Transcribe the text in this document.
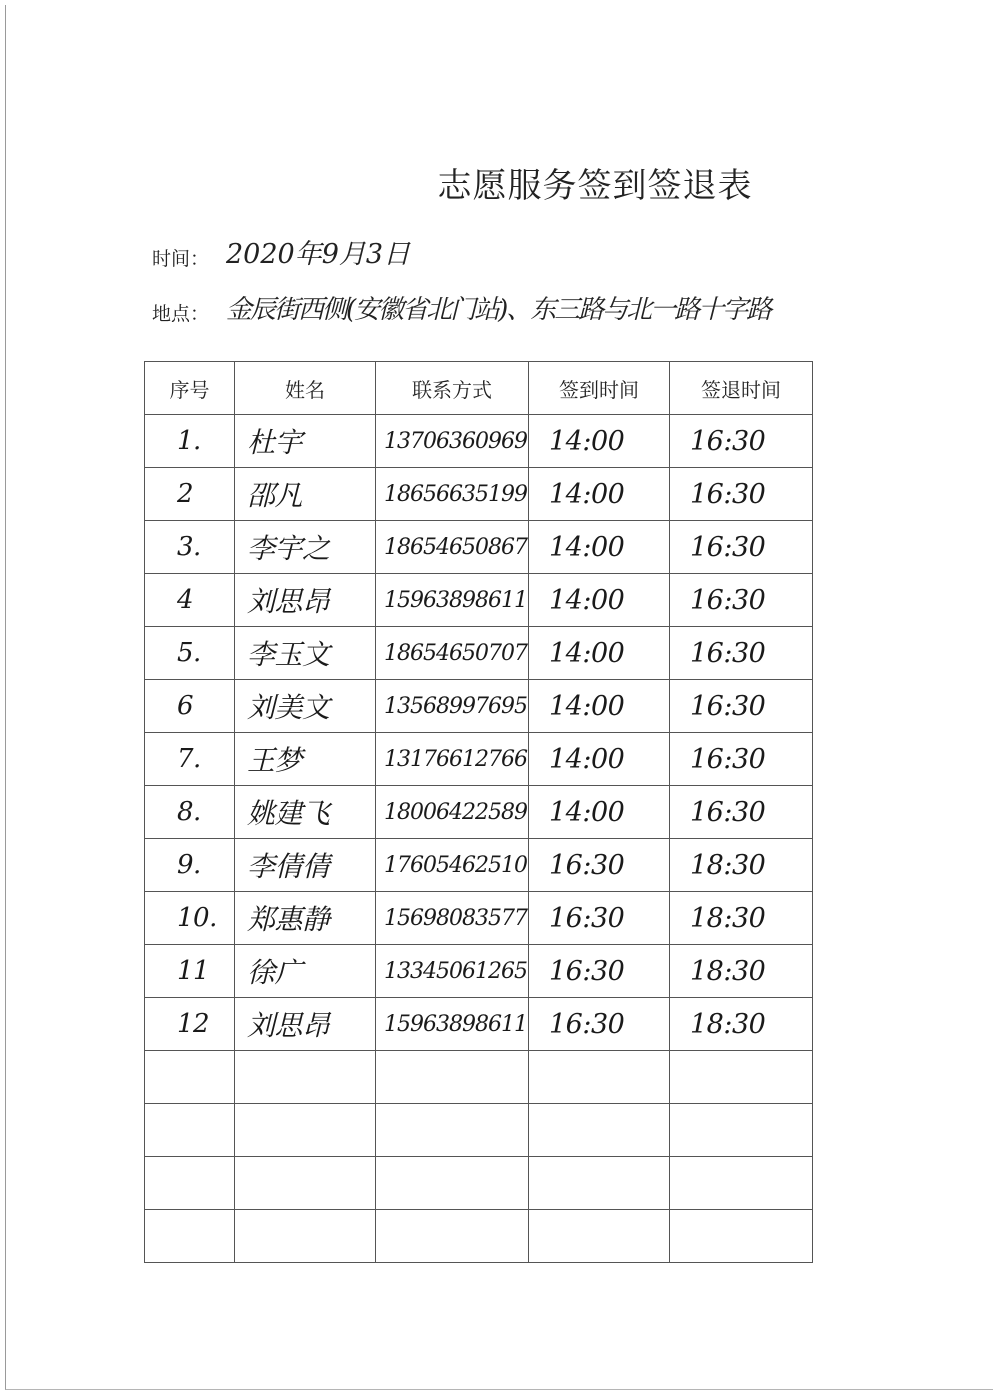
志愿服务签到签退表
时间： 2020年9月3日
地点： 金辰街西侧(安徽省北门站)、东三路与北一路十字路
序号	姓名	联系方式	签到时间	签退时间
1.	杜宇	13706360969	14:00	16:30
2	邵凡	18656635199	14:00	16:30
3.	李宇之	18654650867	14:00	16:30
4	刘思昂	15963898611	14:00	16:30
5.	李玉文	18654650707	14:00	16:30
6	刘美文	13568997695	14:00	16:30
7.	王梦	13176612766	14:00	16:30
8.	姚建飞	18006422589	14:00	16:30
9.	李倩倩	17605462510	16:30	18:30
10.	郑惠静	15698083577	16:30	18:30
11	徐广	13345061265	16:30	18:30
12	刘思昂	15963898611	16:30	18:30
